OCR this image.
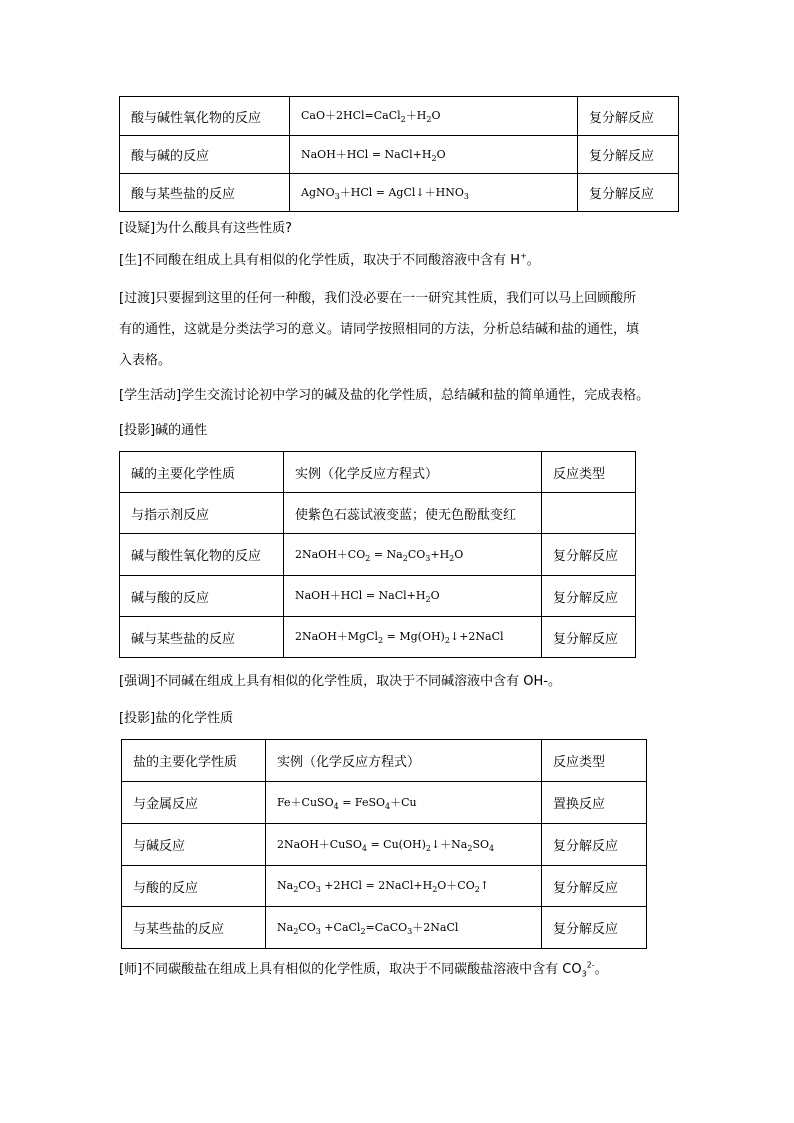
酸与碱性氧化物的反应	$CaO+2HCl=CaCl_2+H_2O$	复分解反应
酸与碱的反应	NaOH＋HCl = $NaCl+H_2O$	复分解反应
酸与某些盐的反应	AgNO$_3$＋HCl = $AgCl↓+HNO_3$	复分解反应
[设疑]为什么酸具有这些性质?
[生]不同酸在组成上具有相似的化学性质，取决于不同酸溶液中含有 H+。
[过渡]只要握到这里的任何一种酸，我们没必要在一一研究其性质，我们可以马上回顾酸所
有的通性，这就是分类法学习的意义。请同学按照相同的方法，分析总结碱和盐的通性，填
入表格。
[学生活动]学生交流讨论初中学习的碱及盐的化学性质，总结碱和盐的简单通性，完成表格。
[投影]碱的通性
碱的主要化学性质	实例（化学反应方程式）	反应类型
与指示剂反应	使紫色石蕊试液变蓝；使无色酚酞变红	
碱与酸性氧化物的反应	$2NaOH+CO_2 = Na_2CO_3+H_2O$	复分解反应
碱与酸的反应	NaOH＋HCl = $NaCl+H_2O$	复分解反应
碱与某些盐的反应	2NaOH＋MgCl$_2$ = $Mg(OH)_2↓+2NaCl$	复分解反应
[强调]不同碱在组成上具有相似的化学性质，取决于不同碱溶液中含有 OH-。
[投影]盐的化学性质
盐的主要化学性质	实例（化学反应方程式）	反应类型
与金属反应	Fe＋CuSO$_4$ = FeSO$_4$＋Cu	置换反应
与碱反应	2NaOH＋CuSO$_4$ = $Cu(OH)_2↓+Na_2SO_4$	复分解反应
与酸的反应	$Na_2CO_3 +2HCl$ = $2NaCl+H_2O+CO_2↑$	复分解反应
与某些盐的反应	$Na_2CO_3$ +CaCl$_2$=CaCO$_3$＋2NaCl	复分解反应
[师]不同碳酸盐在组成上具有相似的化学性质，取决于不同碳酸盐溶液中含有 $CO_3^{2-}$。
